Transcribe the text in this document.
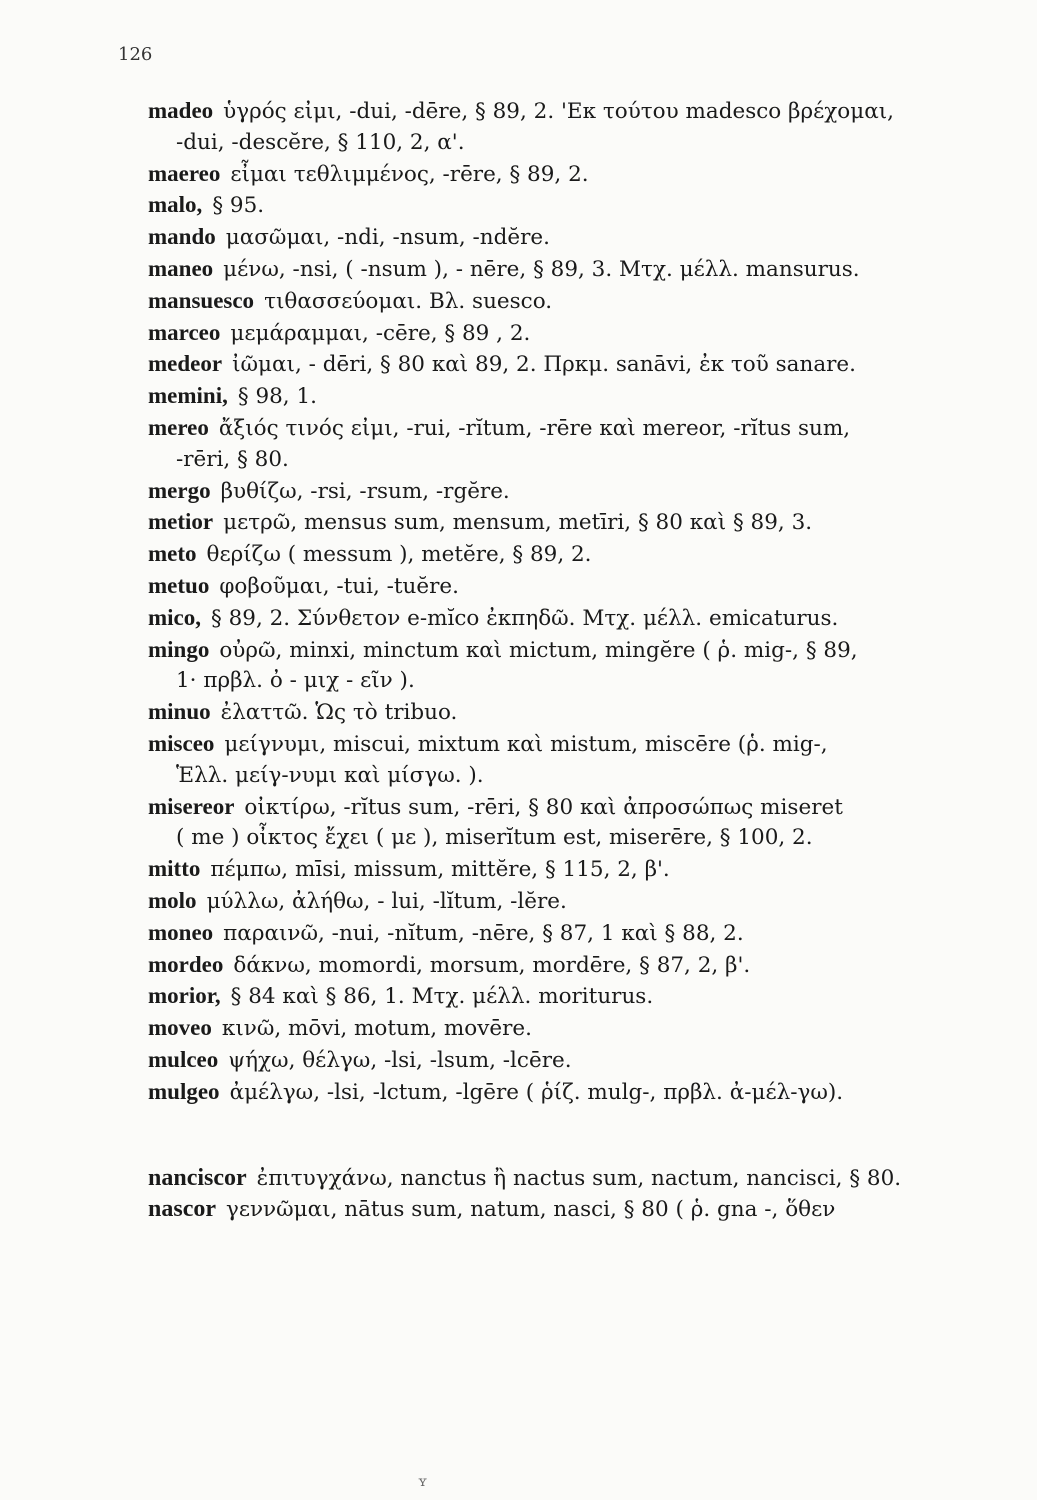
126

madeo ὑγρός εἰμι, -dui, -dēre, § 89, 2. 'Εκ τούτου madesco βρέχομαι,

-dui, -descĕre, § 110, 2, α'.

maereo εἶμαι τεθλιμμένος, -rēre, § 89, 2.

malo, § 95.

mando μασῶμαι, -ndi, -nsum, -ndĕre.

maneo μένω, -nsi, ( -nsum ), - nēre, § 89, 3. Μτχ. μέλλ. mansurus.

mansuesco τιθασσεύομαι. Βλ. suesco.

marceo μεμάραμμαι, -cēre, § 89 , 2.

medeor ἰῶμαι, - dēri, § 80 καὶ 89, 2. Πρκμ. sanāvi, ἐκ τοῦ sanare.

memini, § 98, 1.

mereo ἄξιός τινός εἰμι, -rui, -rĭtum, -rēre καὶ mereor, -rĭtus sum,

-rēri, § 80.

mergo βυθίζω, -rsi, -rsum, -rgĕre.

metior μετρῶ, mensus sum, mensum, metīri, § 80 καὶ § 89, 3.

meto θερίζω ( messum ), metĕre, § 89, 2.

metuo φοβοῦμαι, -tui, -tuĕre.

mico, § 89, 2. Σύνθετον e-mĭco ἐκπηδῶ. Μτχ. μέλλ. emicaturus.

mingo οὐρῶ, minxi, minctum καὶ mictum, mingĕre ( ῥ. mig-, § 89,

1· πρβλ. ὀ - μιχ - εῖν ).

minuo ἐλαττῶ. Ὡς τὸ tribuo.

misceo μείγνυμι, miscui, mixtum καὶ mistum, miscēre (ῥ. mig-,

Ἑλλ. μείγ-νυμι καὶ μίσγω. ).

misereor οἰκτίρω, -rĭtus sum, -rēri, § 80 καὶ ἀπροσώπως miseret

( me ) οἶκτος ἔχει ( με ), miserĭtum est, miserēre, § 100, 2.

mitto πέμπω, mīsi, missum, mittĕre, § 115, 2, β'.

molo μύλλω, ἀλήθω, - lui, -lĭtum, -lĕre.

moneo παραινῶ, -nui, -nĭtum, -nēre, § 87, 1 καὶ § 88, 2.

mordeo δάκνω, momordi, morsum, mordēre, § 87, 2, β'.

morior, § 84 καὶ § 86, 1. Μτχ. μέλλ. moriturus.

moveo κινῶ, mōvi, motum, movēre.

mulceo ψήχω, θέλγω, -lsi, -lsum, -lcēre.

mulgeo ἀμέλγω, -lsi, -lctum, -lgēre ( ῥίζ. mulg-, πρβλ. ἀ-μέλ-γω).

nanciscor ἐπιτυγχάνω, nanctus ἢ nactus sum, nactum, nancisci, § 80.

nascor γεννῶμαι, nātus sum, natum, nasci, § 80 ( ῥ. gna -, ὅθεν

ʏ
